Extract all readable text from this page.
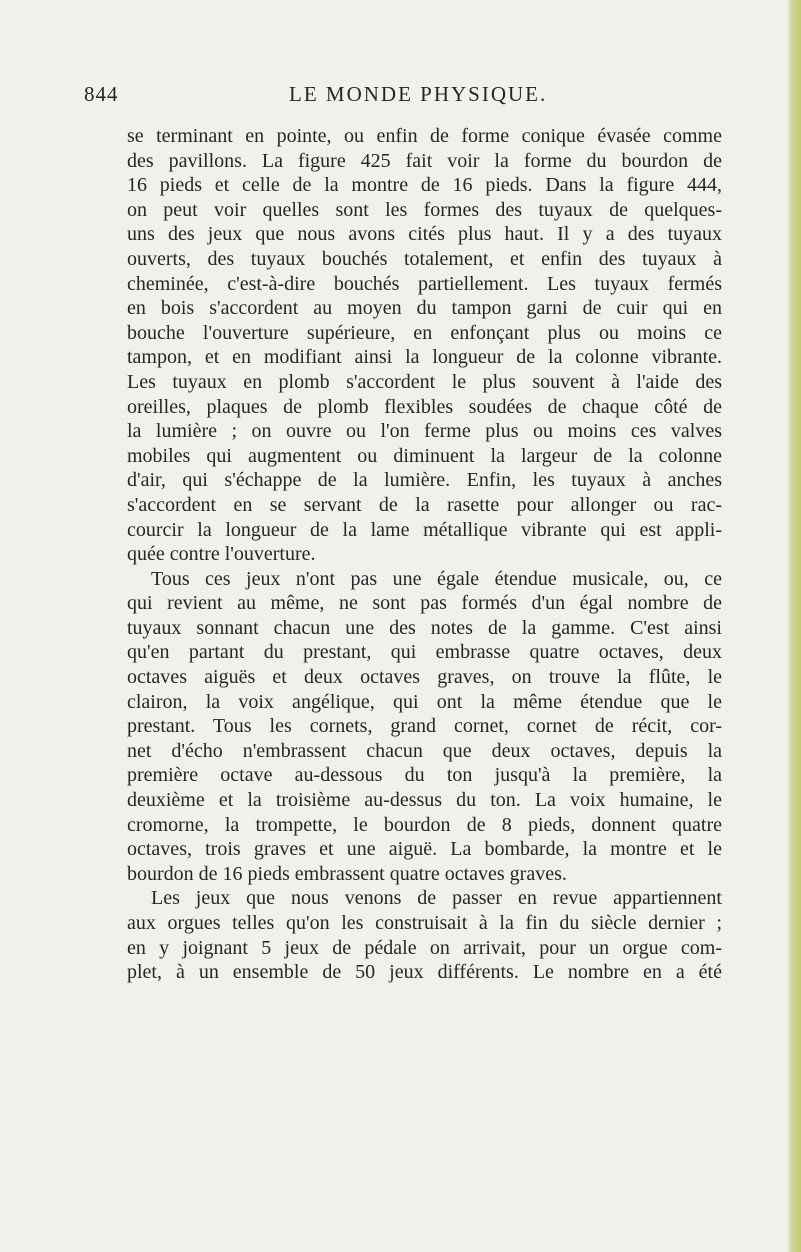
844	LE MONDE PHYSIQUE.
se terminant en pointe, ou enfin de forme conique évasée comme
des pavillons. La figure 425 fait voir la forme du bourdon de
16 pieds et celle de la montre de 16 pieds. Dans la figure 444,
on peut voir quelles sont les formes des tuyaux de quelques-
uns des jeux que nous avons cités plus haut. Il y a des tuyaux
ouverts, des tuyaux bouchés totalement, et enfin des tuyaux à
cheminée, c'est-à-dire bouchés partiellement. Les tuyaux fermés
en bois s'accordent au moyen du tampon garni de cuir qui en
bouche l'ouverture supérieure, en enfonçant plus ou moins ce
tampon, et en modifiant ainsi la longueur de la colonne vibrante.
Les tuyaux en plomb s'accordent le plus souvent à l'aide des
oreilles, plaques de plomb flexibles soudées de chaque côté de
la lumière ; on ouvre ou l'on ferme plus ou moins ces valves
mobiles qui augmentent ou diminuent la largeur de la colonne
d'air, qui s'échappe de la lumière. Enfin, les tuyaux à anches
s'accordent en se servant de la rasette pour allonger ou rac-
courcir la longueur de la lame métallique vibrante qui est appli-
quée contre l'ouverture.
Tous ces jeux n'ont pas une égale étendue musicale, ou, ce
qui revient au même, ne sont pas formés d'un égal nombre de
tuyaux sonnant chacun une des notes de la gamme. C'est ainsi
qu'en partant du prestant, qui embrasse quatre octaves, deux
octaves aiguës et deux octaves graves, on trouve la flûte, le
clairon, la voix angélique, qui ont la même étendue que le
prestant. Tous les cornets, grand cornet, cornet de récit, cor-
net d'écho n'embrassent chacun que deux octaves, depuis la
première octave au-dessous du ton jusqu'à la première, la
deuxième et la troisième au-dessus du ton. La voix humaine, le
cromorne, la trompette, le bourdon de 8 pieds, donnent quatre
octaves, trois graves et une aiguë. La bombarde, la montre et le
bourdon de 16 pieds embrassent quatre octaves graves.
Les jeux que nous venons de passer en revue appartiennent
aux orgues telles qu'on les construisait à la fin du siècle dernier ;
en y joignant 5 jeux de pédale on arrivait, pour un orgue com-
plet, à un ensemble de 50 jeux différents. Le nombre en a été
